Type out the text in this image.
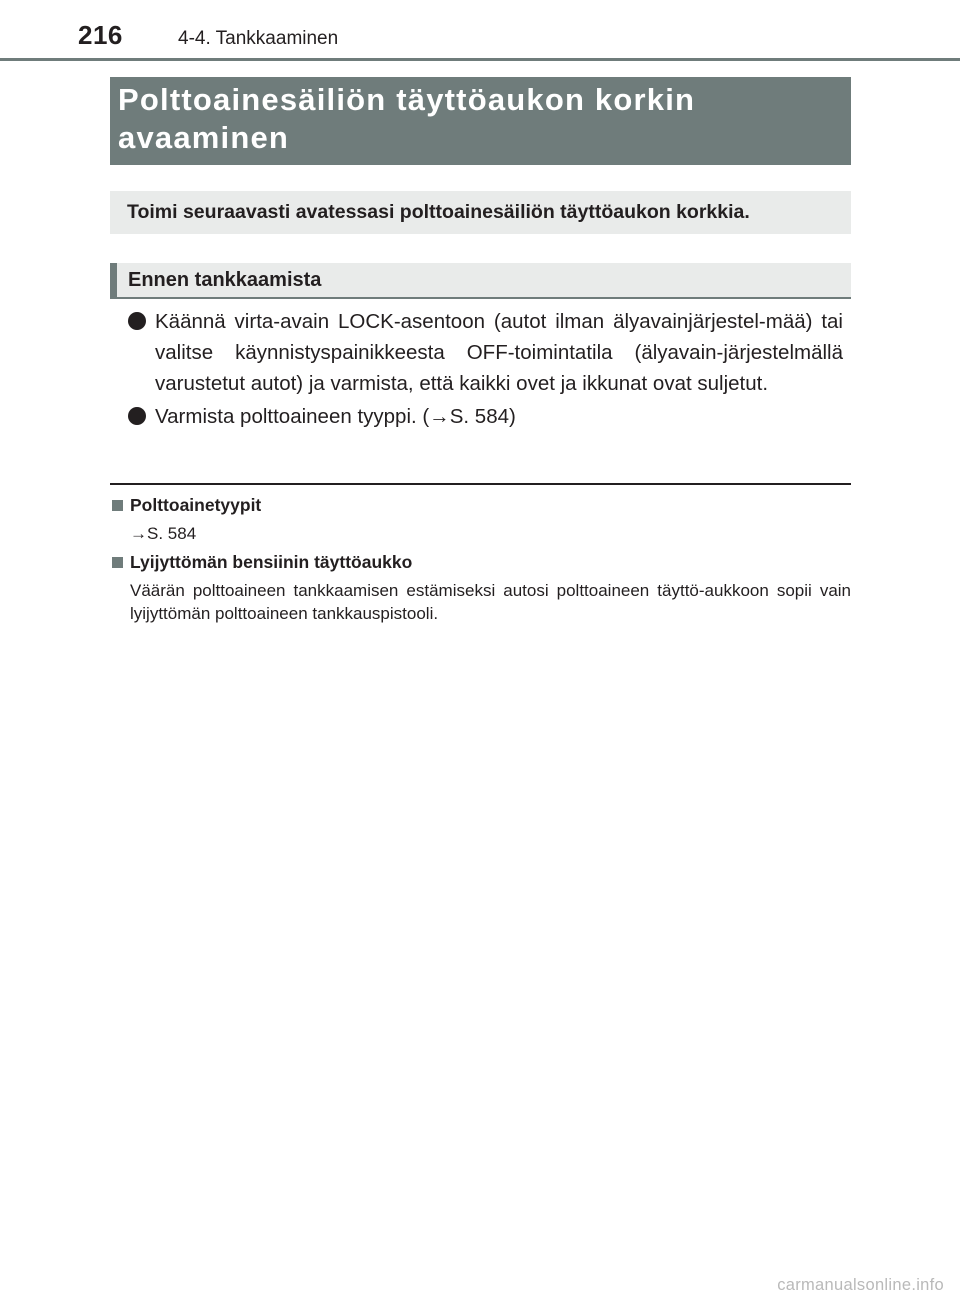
216	4-4. Tankkaaminen
Polttoainesäiliön täyttöaukon korkin
avaaminen
Toimi seuraavasti avatessasi polttoainesäiliön täyttöaukon korkkia.
Ennen tankkaamista
Käännä virta-avain LOCK-asentoon (autot ilman älyavainjärjestel-mää) tai valitse käynnistyspainikkeesta OFF-toimintatila (älyavain-järjestelmällä varustetut autot) ja varmista, että kaikki ovet ja ikkunat ovat suljetut.
Varmista polttoaineen tyyppi. (→S. 584)
Polttoainetyypit
→S. 584
Lyijyttömän bensiinin täyttöaukko
Väärän polttoaineen tankkaamisen estämiseksi autosi polttoaineen täyttö-aukkoon sopii vain lyijyttömän polttoaineen tankkauspistooli.
carmanualsonline.info
